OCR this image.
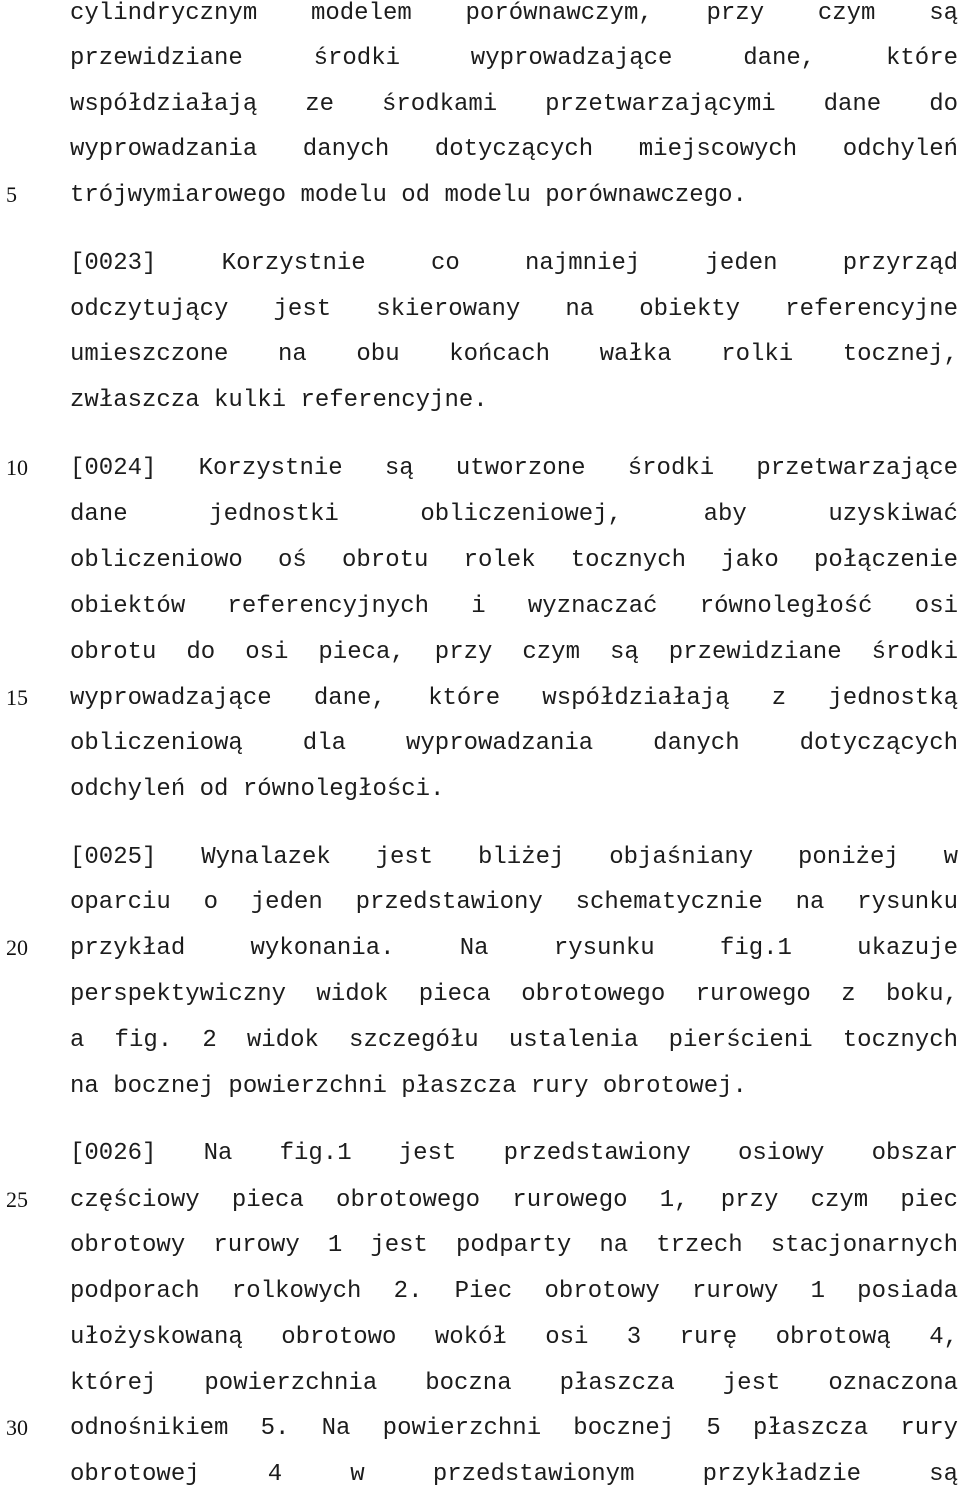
5
10
15
20
25
30
cylindrycznym modelem porównawczym, przy czym są
przewidziane środki wyprowadzające dane, które
współdziałają ze środkami przetwarzającymi dane do
wyprowadzania danych dotyczących miejscowych odchyleń
trójwymiarowego modelu od modelu porównawczego.
[0023] Korzystnie co najmniej jeden przyrząd
odczytujący jest skierowany na obiekty referencyjne
umieszczone na obu końcach wałka rolki tocznej,
zwłaszcza kulki referencyjne.
[0024] Korzystnie są utworzone środki przetwarzające
dane jednostki obliczeniowej, aby uzyskiwać
obliczeniowo oś obrotu rolek tocznych jako połączenie
obiektów referencyjnych i wyznaczać równoległość osi
obrotu do osi pieca, przy czym są przewidziane środki
wyprowadzające dane, które współdziałają z jednostką
obliczeniową dla wyprowadzania danych dotyczących
odchyleń od równoległości.
[0025] Wynalazek jest bliżej objaśniany poniżej w
oparciu o jeden przedstawiony schematycznie na rysunku
przykład wykonania. Na rysunku fig.1 ukazuje
perspektywiczny widok pieca obrotowego rurowego z boku,
a fig. 2 widok szczegółu ustalenia pierścieni tocznych
na bocznej powierzchni płaszcza rury obrotowej.
[0026] Na fig.1 jest przedstawiony osiowy obszar
częściowy pieca obrotowego rurowego 1, przy czym piec
obrotowy rurowy 1 jest podparty na trzech stacjonarnych
podporach rolkowych 2. Piec obrotowy rurowy 1 posiada
ułożyskowaną obrotowo wokół osi 3 rurę obrotową 4,
której powierzchnia boczna płaszcza jest oznaczona
odnośnikiem 5. Na powierzchni bocznej 5 płaszcza rury
obrotowej 4 w przedstawionym przykładzie są
